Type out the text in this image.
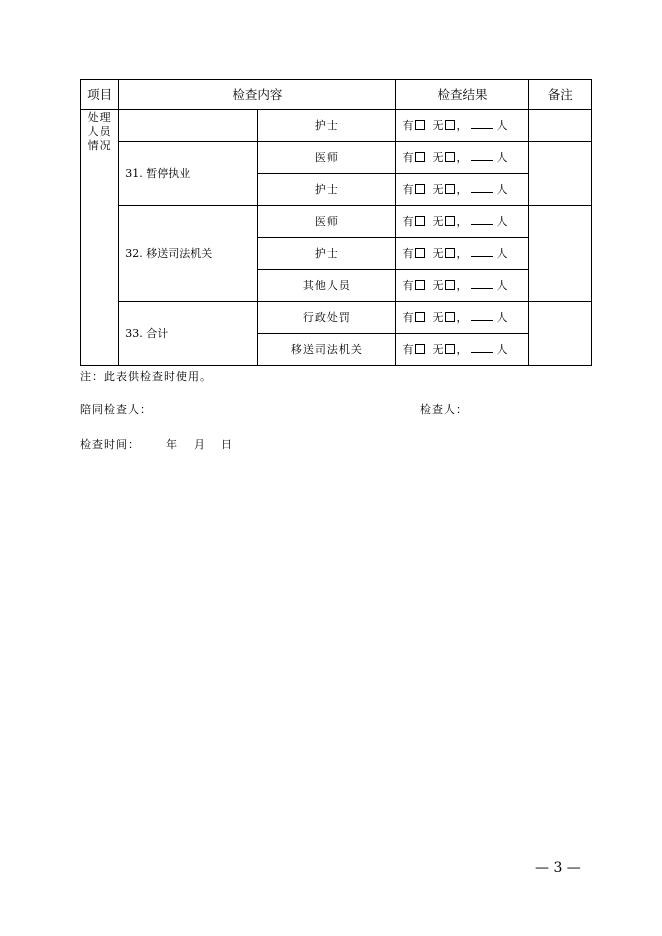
项目	检查内容		检查结果	备注

处理人员情况		护士	有 无 ， 人	
	31. 暂停执业	医师	有 无 ， 人	
		护士	有 无 ， 人	
	32. 移送司法机关	医师	有 无 ， 人	
		护士	有 无 ， 人	
		其他人员	有 无 ， 人	
	33. 合计	行政处罚	有 无 ， 人	
		移送司法机关	有 无 ， 人	
注：此表供检查时使用。
陪同检查人：	检查人：
检查时间： 年 月 日
— 3 —
